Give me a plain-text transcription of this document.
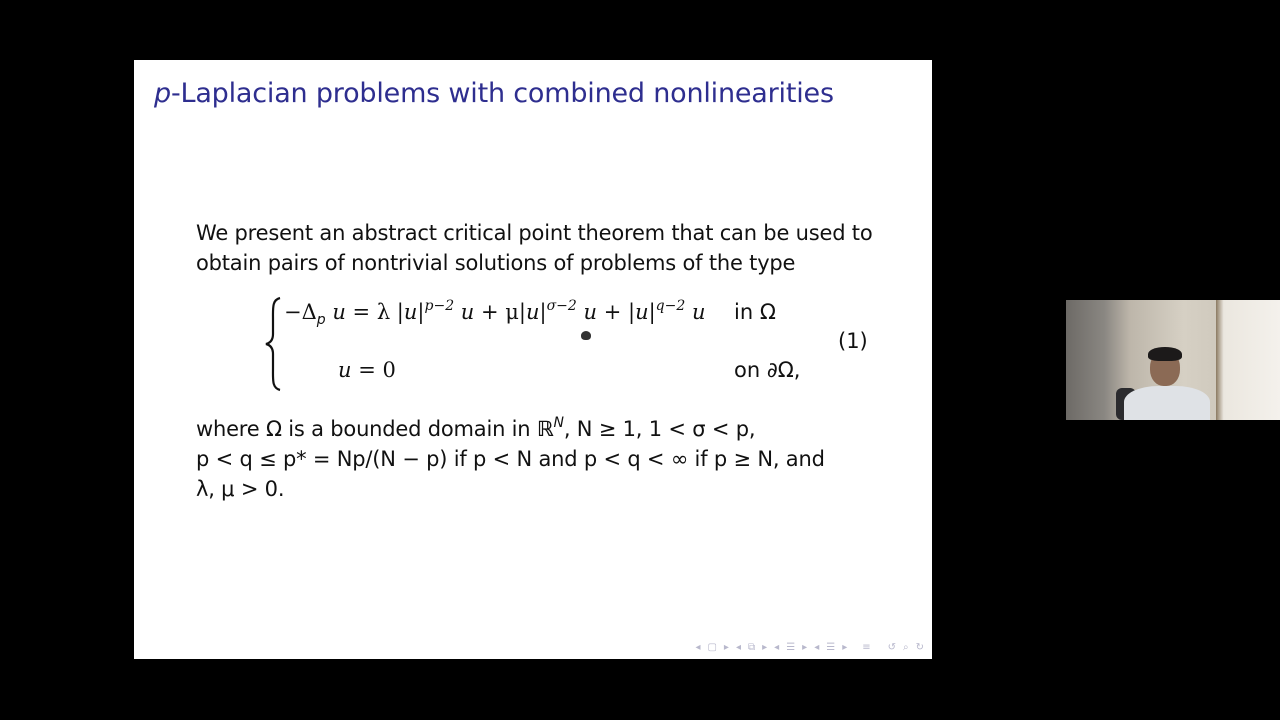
p-Laplacian problems with combined nonlinearities
We present an abstract critical point theorem that can be used to obtain pairs of nontrivial solutions of problems of the type
$-\Delta_p$ u = λ $|u|^{p-2}$ $u + \mu|u|^{\sigma-2}$ $u + |u|^{q-2}$ u
u = 0
in Ω
on ∂Ω,
(1)
where Ω is a bounded domain in ℝ$^N$, N ≥ 1, 1 < σ < p,
p < q ≤ p* = Np/(N − p) if p < N and p < q < ∞ if p ≥ N, and
λ, μ > 0.
◂ ▢ ▸ ◂ ⧉ ▸ ◂ ☰ ▸ ◂ ☰ ▸ ≡ ↺ ⌕ ↻
